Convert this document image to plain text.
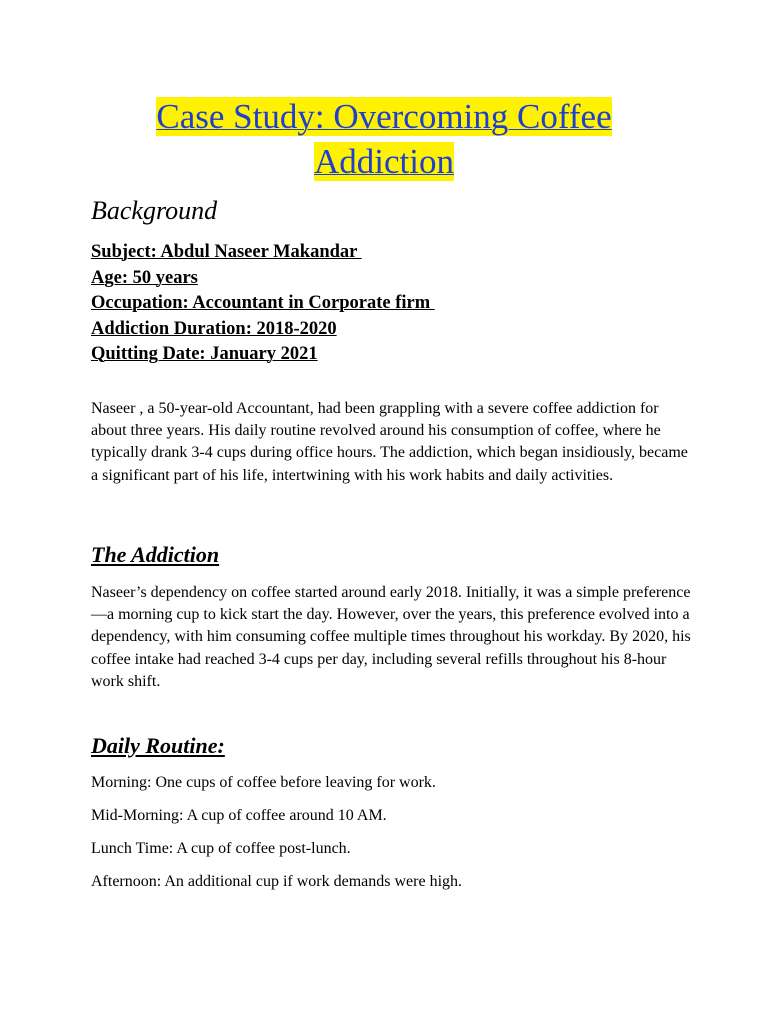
Case Study: Overcoming Coffee
Addiction
Background
Subject: Abdul Naseer Makandar
Age: 50 years
Occupation: Accountant in Corporate firm
Addiction Duration: 2018-2020
Quitting Date: January 2021

Naseer , a 50-year-old Accountant, had been grappling with a severe coffee addiction for about three years. His daily routine revolved around his consumption of coffee, where he typically drank 3-4 cups during office hours. The addiction, which began insidiously, became a significant part of his life, intertwining with his work habits and daily activities.

The Addiction

Naseer’s dependency on coffee started around early 2018. Initially, it was a simple preference—a morning cup to kick start the day. However, over the years, this preference evolved into a dependency, with him consuming coffee multiple times throughout his workday. By 2020, his coffee intake had reached 3-4 cups per day, including several refills throughout his 8-hour work shift.

Daily Routine:
Morning: One cups of coffee before leaving for work.
Mid-Morning: A cup of coffee around 10 AM.
Lunch Time: A cup of coffee post-lunch.
Afternoon: An additional cup if work demands were high.
